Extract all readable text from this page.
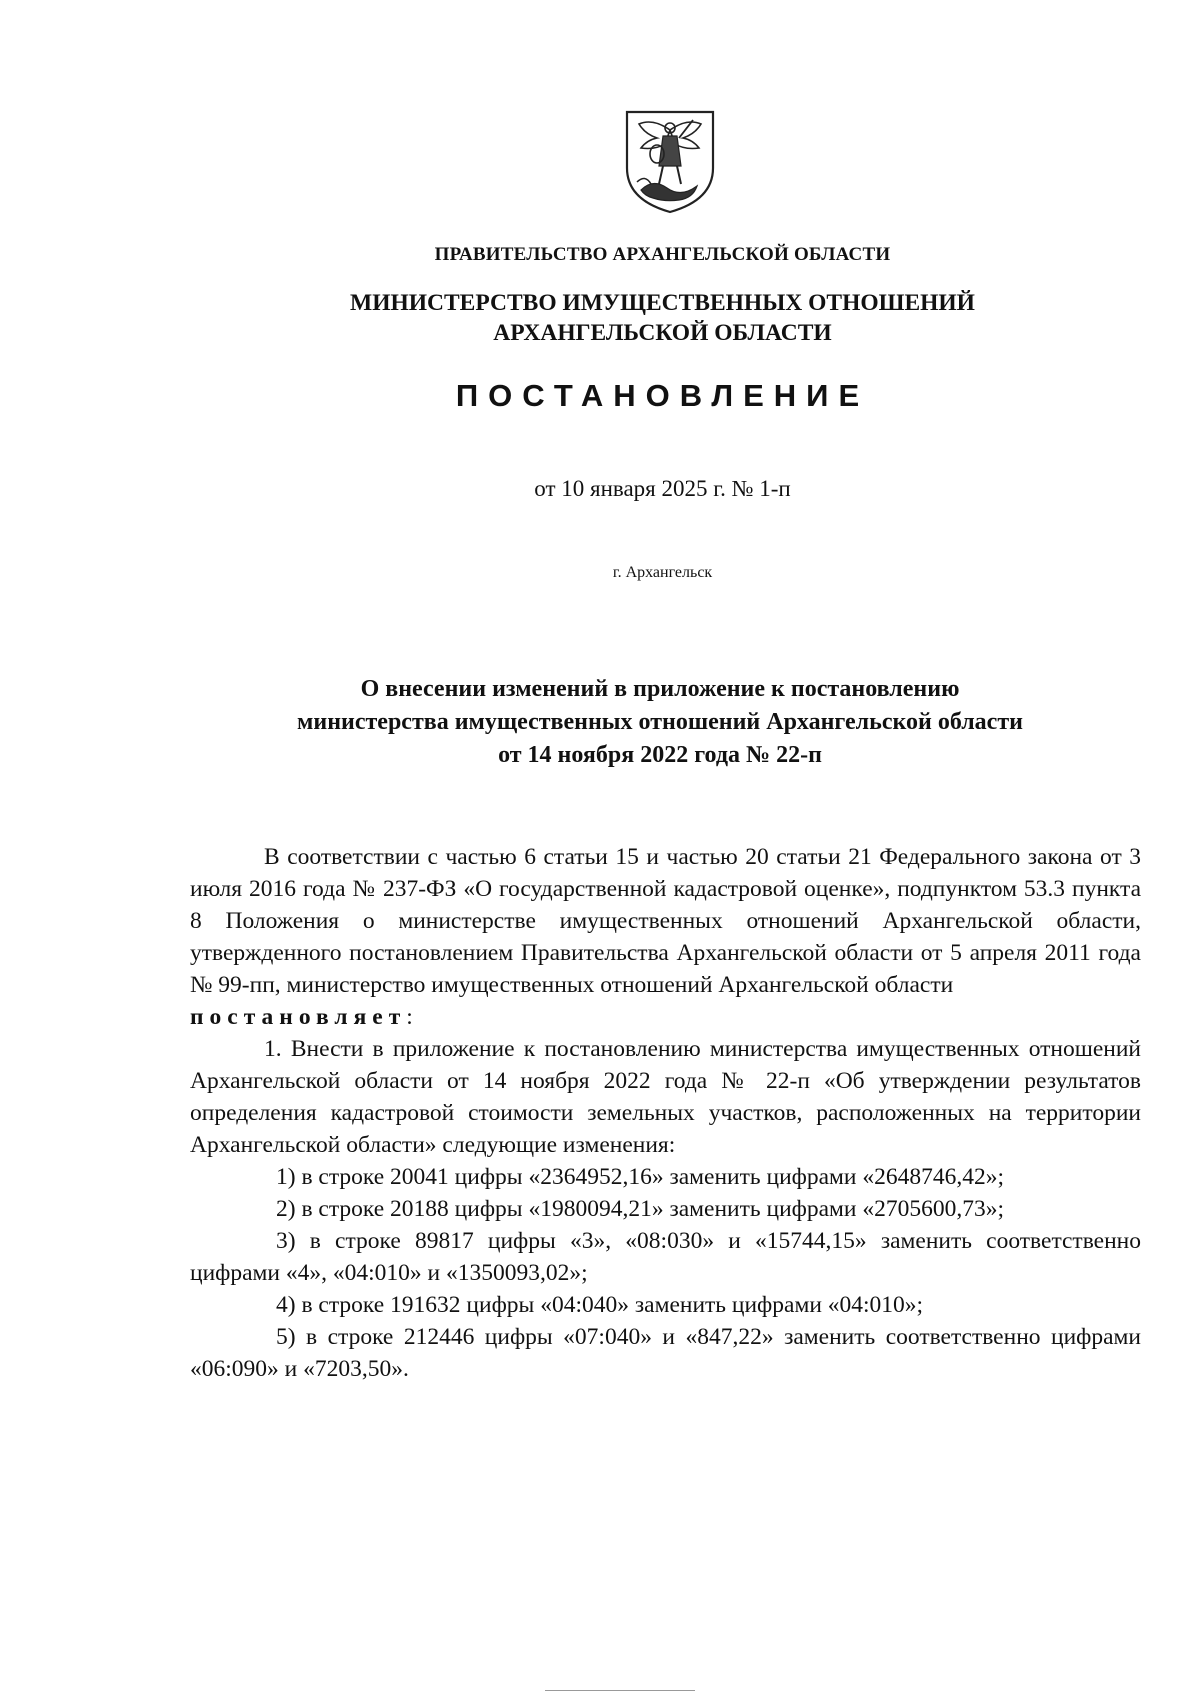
ПРАВИТЕЛЬСТВО АРХАНГЕЛЬСКОЙ ОБЛАСТИ
МИНИСТЕРСТВО ИМУЩЕСТВЕННЫХ ОТНОШЕНИЙ
АРХАНГЕЛЬСКОЙ ОБЛАСТИ
ПОСТАНОВЛЕНИЕ
от 10 января 2025 г. № 1-п
г. Архангельск
О внесении изменений в приложение к постановлению
министерства имущественных отношений Архангельской области
от 14 ноября 2022 года № 22-п

В соответствии с частью 6 статьи 15 и частью 20 статьи 21 Федерального закона от 3 июля 2016 года № 237-ФЗ «О государственной кадастровой оценке», подпунктом 53.3 пункта 8 Положения о министерстве имущественных отношений Архангельской области, утвержденного постановлением Правительства Архангельской области от 5 апреля 2011 года № 99-пп, министерство имущественных отношений Архангельской области

постановляет:

1. Внести в приложение к постановлению министерства имущественных отношений Архангельской области от 14 ноября 2022 года № 22-п «Об утверждении результатов определения кадастровой стоимости земельных участков, расположенных на территории Архангельской области» следующие изменения:

1) в строке 20041 цифры «2364952,16» заменить цифрами «2648746,42»;

2) в строке 20188 цифры «1980094,21» заменить цифрами «2705600,73»;

3) в строке 89817 цифры «3», «08:030» и «15744,15» заменить соответственно цифрами «4», «04:010» и «1350093,02»;

4) в строке 191632 цифры «04:040» заменить цифрами «04:010»;

5) в строке 212446 цифры «07:040» и «847,22» заменить соответственно цифрами «06:090» и «7203,50».
